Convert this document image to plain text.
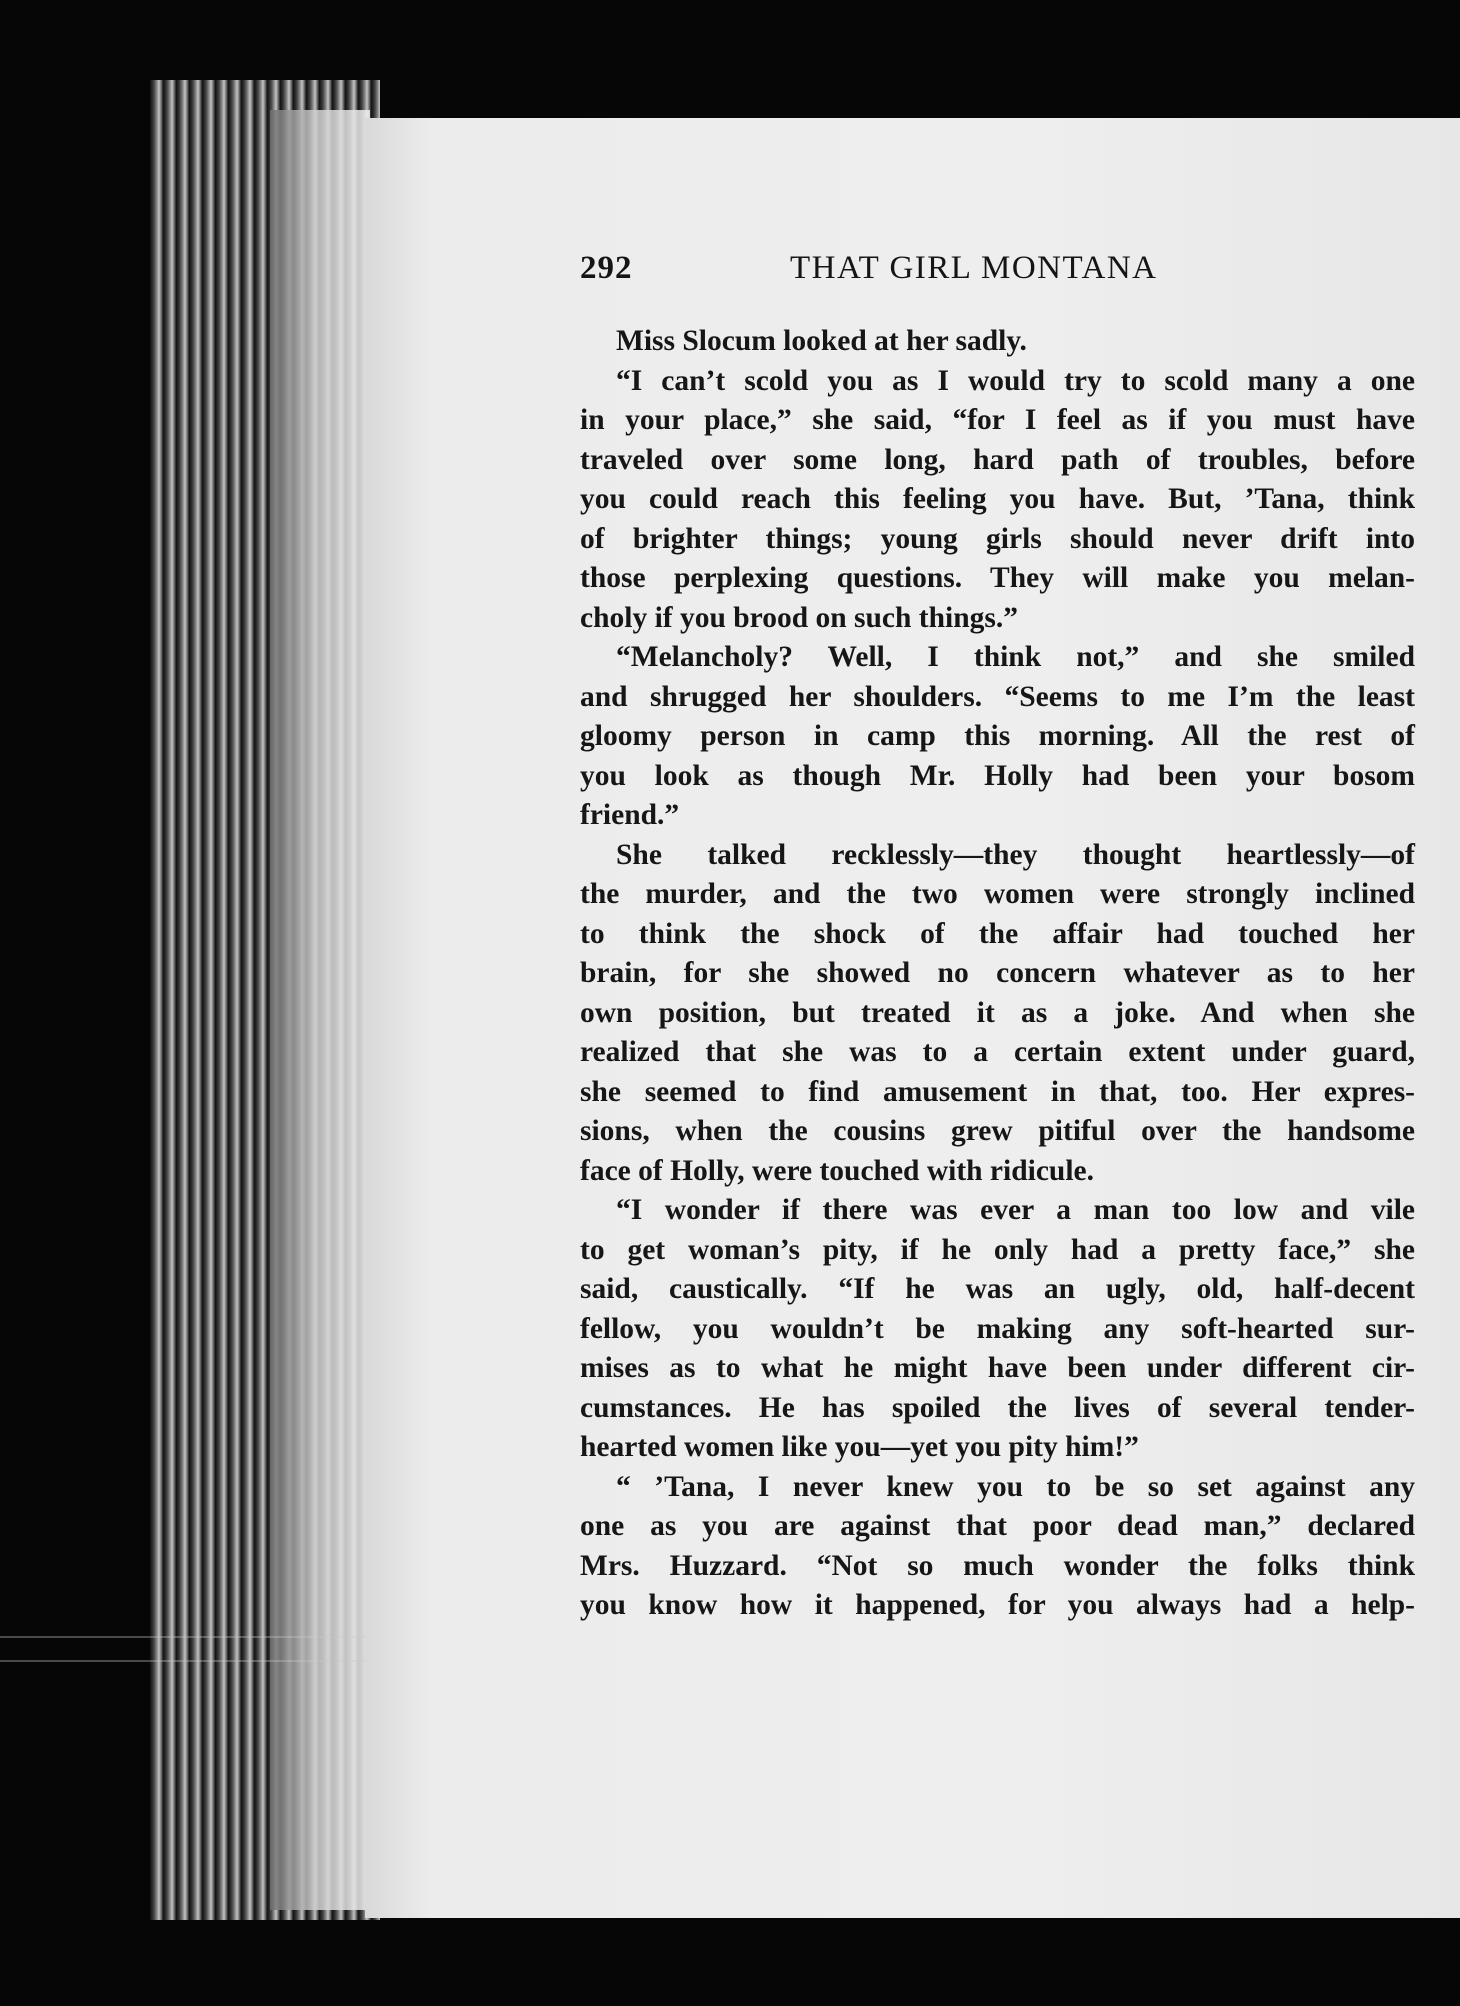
292	THAT GIRL MONTANA
Miss Slocum looked at her sadly.
“I can’t scold you as I would try to scold many a one
in your place,” she said, “for I feel as if you must have
traveled over some long, hard path of troubles, before
you could reach this feeling you have. But, ’Tana, think
of brighter things; young girls should never drift into
those perplexing questions. They will make you melan-
choly if you brood on such things.”
“Melancholy? Well, I think not,” and she smiled
and shrugged her shoulders. “Seems to me I’m the least
gloomy person in camp this morning. All the rest of
you look as though Mr. Holly had been your bosom
friend.”
She talked recklessly—they thought heartlessly—of
the murder, and the two women were strongly inclined
to think the shock of the affair had touched her
brain, for she showed no concern whatever as to her
own position, but treated it as a joke. And when she
realized that she was to a certain extent under guard,
she seemed to find amusement in that, too. Her expres-
sions, when the cousins grew pitiful over the handsome
face of Holly, were touched with ridicule.
“I wonder if there was ever a man too low and vile
to get woman’s pity, if he only had a pretty face,” she
said, caustically. “If he was an ugly, old, half-decent
fellow, you wouldn’t be making any soft-hearted sur-
mises as to what he might have been under different cir-
cumstances. He has spoiled the lives of several tender-
hearted women like you—yet you pity him!”
“ ’Tana, I never knew you to be so set against any
one as you are against that poor dead man,” declared
Mrs. Huzzard. “Not so much wonder the folks think
you know how it happened, for you always had a help-
